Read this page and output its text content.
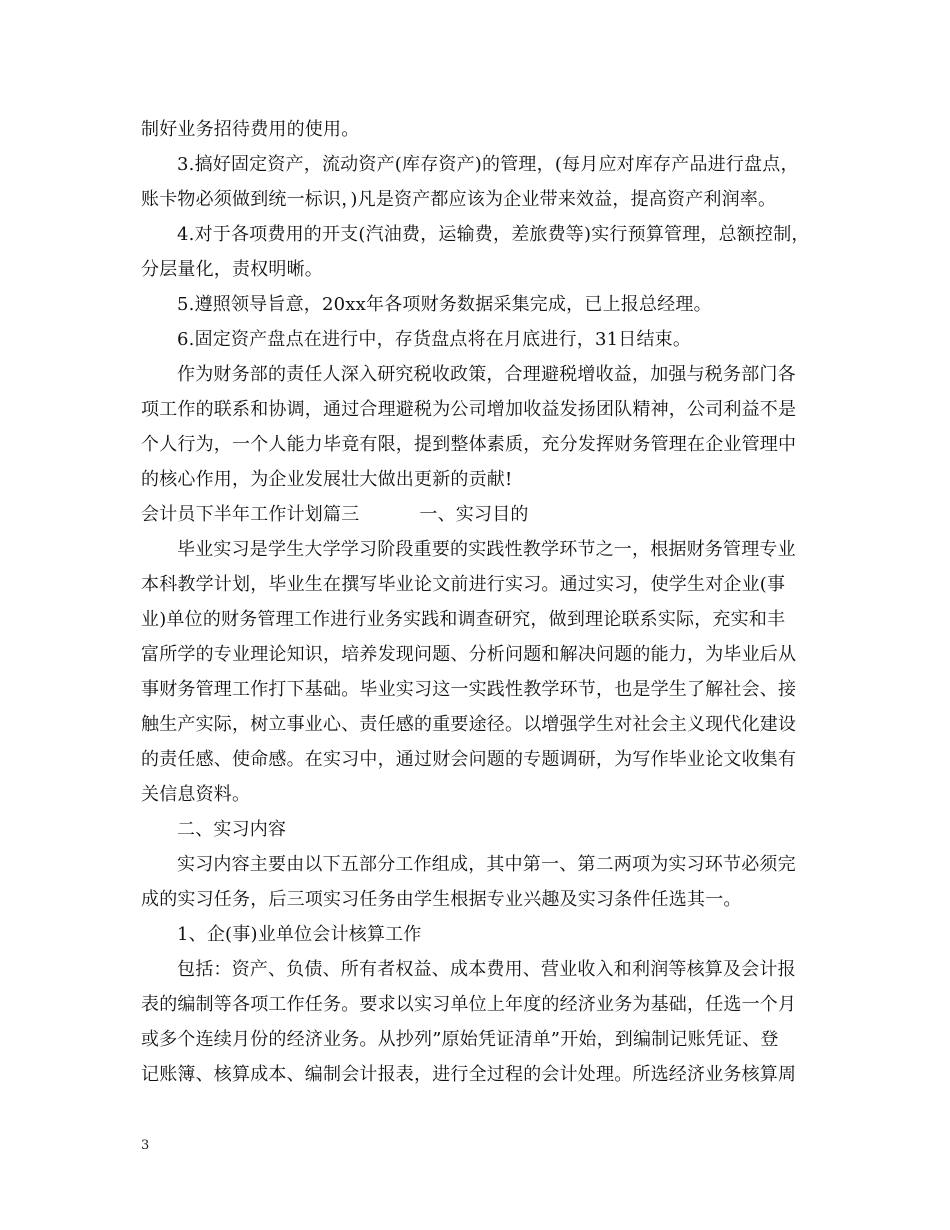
制好业务招待费用的使用。
3.搞好固定资产，流动资产(库存资产)的管理，(每月应对库存产品进行盘点，
账卡物必须做到统一标识，)凡是资产都应该为企业带来效益，提高资产利润率。
4.对于各项费用的开支(汽油费，运输费，差旅费等)实行预算管理，总额控制，
分层量化，责权明晰。
5.遵照领导旨意，20xx年各项财务数据采集完成，已上报总经理。
6.固定资产盘点在进行中，存货盘点将在月底进行，31日结束。
作为财务部的责任人深入研究税收政策，合理避税增收益，加强与税务部门各
项工作的联系和协调，通过合理避税为公司增加收益发扬团队精神，公司利益不是
个人行为，一个人能力毕竟有限，提到整体素质，充分发挥财务管理在企业管理中
的核心作用，为企业发展壮大做出更新的贡献!
会计员下半年工作计划篇三	一、实习目的
毕业实习是学生大学学习阶段重要的实践性教学环节之一，根据财务管理专业
本科教学计划，毕业生在撰写毕业论文前进行实习。通过实习，使学生对企业(事
业)单位的财务管理工作进行业务实践和调查研究，做到理论联系实际，充实和丰
富所学的专业理论知识，培养发现问题、分析问题和解决问题的能力，为毕业后从
事财务管理工作打下基础。毕业实习这一实践性教学环节，也是学生了解社会、接
触生产实际，树立事业心、责任感的重要途径。以增强学生对社会主义现代化建设
的责任感、使命感。在实习中，通过财会问题的专题调研，为写作毕业论文收集有
关信息资料。
二、实习内容
实习内容主要由以下五部分工作组成，其中第一、第二两项为实习环节必须完
成的实习任务，后三项实习任务由学生根据专业兴趣及实习条件任选其一。
1、企(事)业单位会计核算工作
包括：资产、负债、所有者权益、成本费用、营业收入和利润等核算及会计报
表的编制等各项工作任务。要求以实习单位上年度的经济业务为基础，任选一个月
或多个连续月份的经济业务。从抄列”原始凭证清单”开始，到编制记账凭证、登
记账簿、核算成本、编制会计报表，进行全过程的会计处理。所选经济业务核算周
3
